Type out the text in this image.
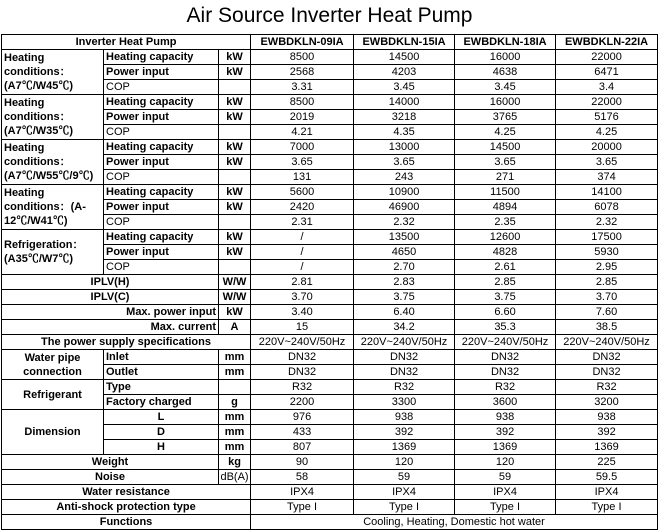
Air Source Inverter Heat Pump
Inverter Heat Pump			EWBDKLN-09IA	EWBDKLN-15IA	EWBDKLN-18IA	EWBDKLN-22IA
Heating conditions：(A7℃/W45℃)	Heating capacity	kW	8500	14500	16000	22000
	Power input	kW	2568	4203	4638	6471
	COP		3.31	3.45	3.45	3.4
Heating conditions：(A7℃/W35℃)	Heating capacity	kW	8500	14000	16000	22000
	Power input	kW	2019	3218	3765	5176
	COP		4.21	4.35	4.25	4.25
Heating conditions：(A7℃/W55℃/9℃)	Heating capacity	kW	7000	13000	14500	20000
	Power input	kW	3.65	3.65	3.65	3.65
	COP		131	243	271	374
Heating conditions：(A-12℃/W41℃)	Heating capacity	kW	5600	10900	11500	14100
	Power input	kW	2420	46900	4894	6078
	COP		2.31	2.32	2.35	2.32
Refrigeration：(A35℃/W7℃)	Heating capacity	kW	/	13500	12600	17500
	Power input	kW	/	4650	4828	5930
	COP		/	2.70	2.61	2.95
IPLV(H)		W/W	2.81	2.83	2.85	2.85
IPLV(C)		W/W	3.70	3.75	3.75	3.70
Max. power input		kW	3.40	6.40	6.60	7.60
Max. current		A	15	34.2	35.3	38.5
The power supply specifications			220V~240V/50Hz	220V~240V/50Hz	220V~240V/50Hz	220V~240V/50Hz
Water pipe connection	Inlet	mm	DN32	DN32	DN32	DN32
	Outlet	mm	DN32	DN32	DN32	DN32
Refrigerant	Type		R32	R32	R32	R32
	Factory charged	g	2200	3300	3600	3200
Dimension	L	mm	976	938	938	938
	D	mm	433	392	392	392
	H	mm	807	1369	1369	1369
Weight		kg	90	120	120	225
Noise		dB(A)	58	59	59	59.5
Water resistance			IPX4	IPX4	IPX4	IPX4
Anti-shock protection type			Type I	Type I	Type I	Type I
Functions			Cooling, Heating, Domestic hot water			
